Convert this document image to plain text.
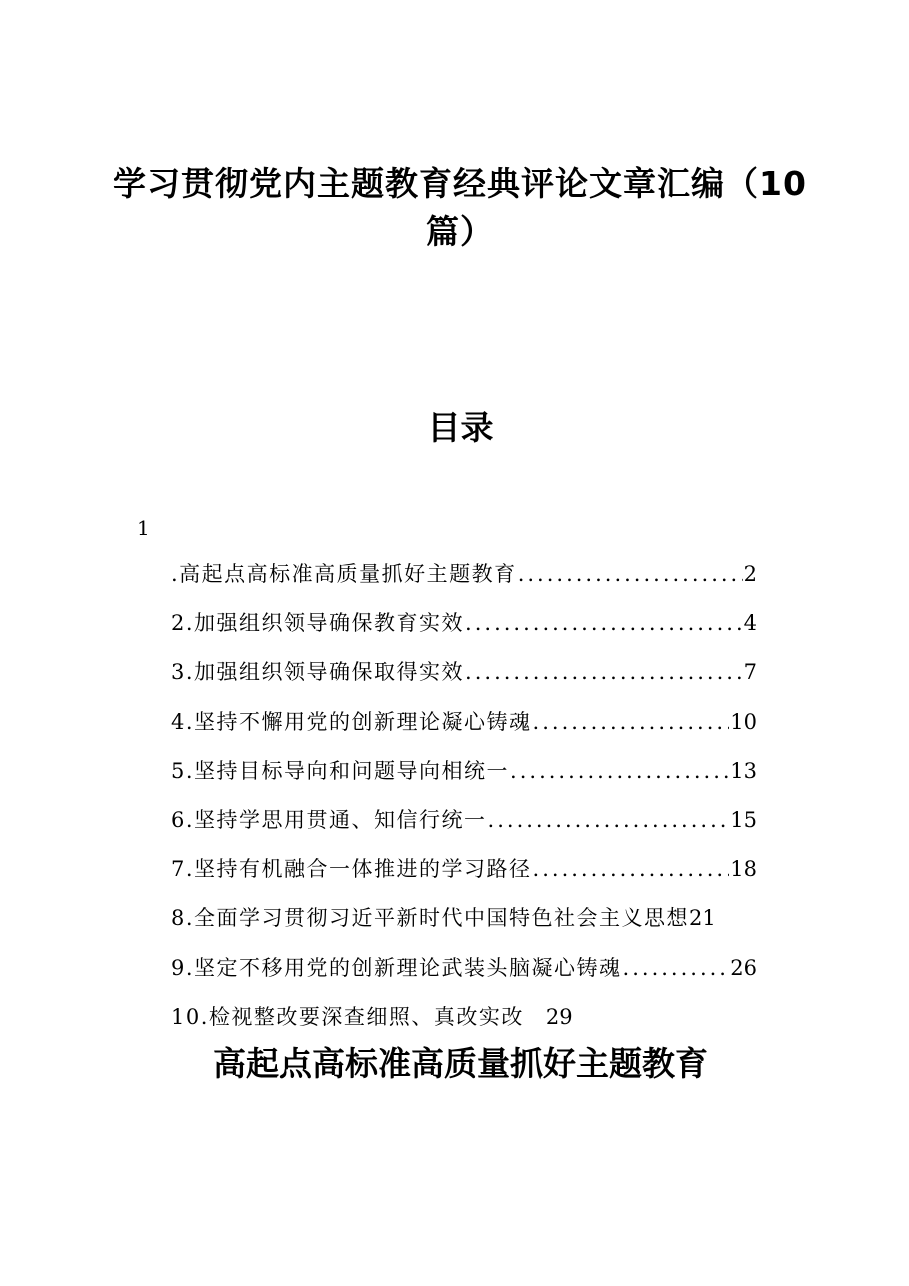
学习贯彻党内主题教育经典评论文章汇编（10篇）
目录
1
.高起点高标准高质量抓好主题教育 .....	2
2.加强组织领导确保教育实效 .....	4
3.加强组织领导确保取得实效 .....	7
4.坚持不懈用党的创新理论凝心铸魂 .....	10
5.坚持目标导向和问题导向相统一 .....	13
6.坚持学思用贯通、知信行统一 .....	15
7.坚持有机融合一体推进的学习路径 .....	18
8.全面学习贯彻习近平新时代中国特色社会主义思想 21
9.坚定不移用党的创新理论武装头脑凝心铸魂 .....	26
10.检视整改要深查细照、真改实改 29
高起点高标准高质量抓好主题教育
